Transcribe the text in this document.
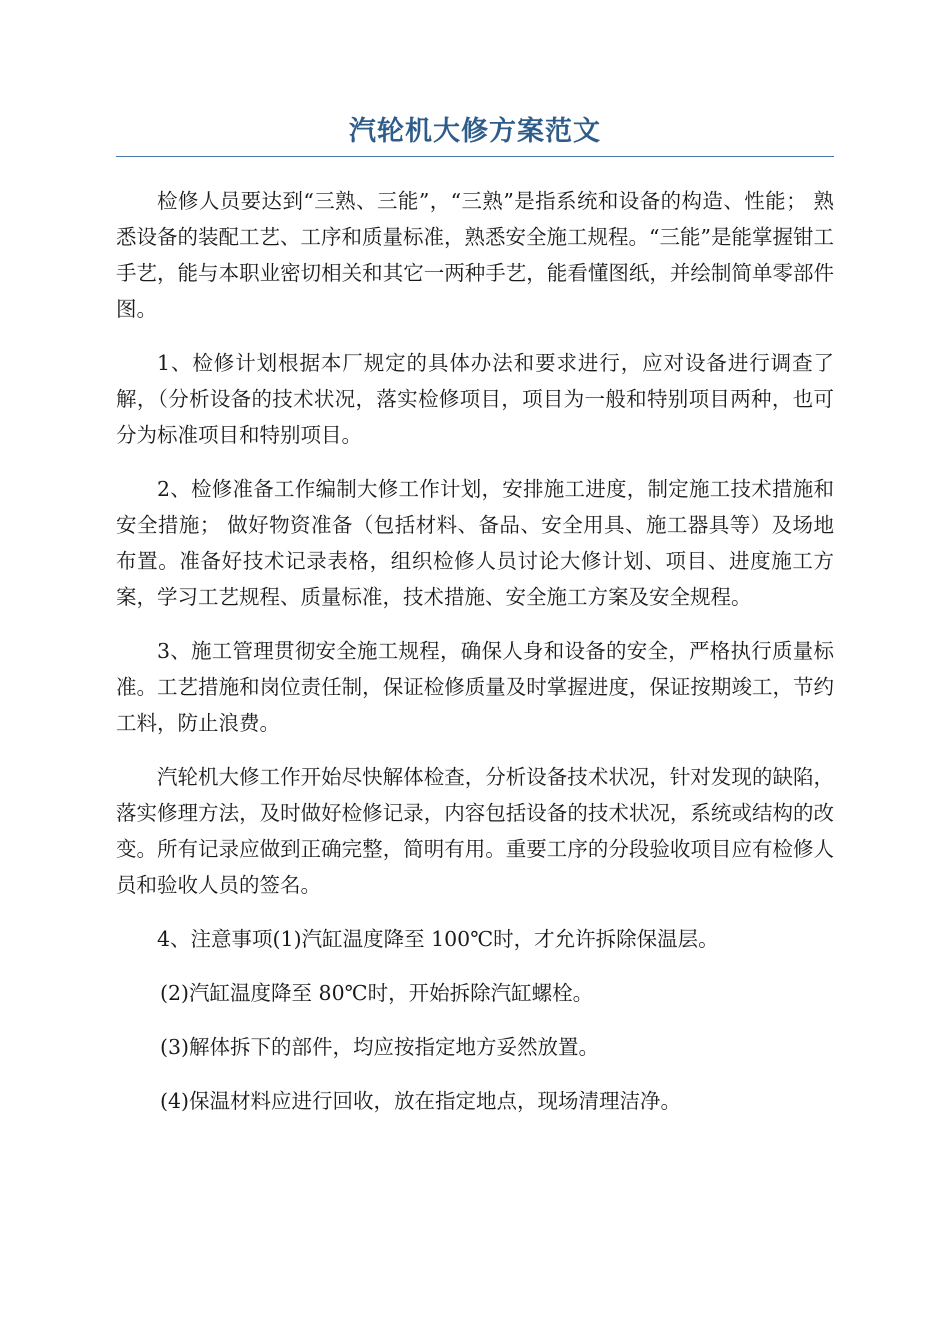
汽轮机大修方案范文

检修人员要达到“三熟、三能”，“三熟”是指系统和设备的构造、性能； 熟悉设备的装配工艺、工序和质量标准，熟悉安全施工规程。“三能”是能掌握钳工手艺，能与本职业密切相关和其它一两种手艺，能看懂图纸，并绘制简单零部件图。

1、检修计划根据本厂规定的具体办法和要求进行，应对设备进行调查了解，（分析设备的技术状况，落实检修项目，项目为一般和特别项目两种，也可分为标准项目和特别项目。

2、检修准备工作编制大修工作计划，安排施工进度，制定施工技术措施和安全措施； 做好物资准备（包括材料、备品、安全用具、施工器具等）及场地布置。准备好技术记录表格，组织检修人员讨论大修计划、项目、进度施工方案，学习工艺规程、质量标准，技术措施、安全施工方案及安全规程。

3、施工管理贯彻安全施工规程，确保人身和设备的安全，严格执行质量标准。工艺措施和岗位责任制，保证检修质量及时掌握进度，保证按期竣工，节约工料，防止浪费。

汽轮机大修工作开始尽快解体检查，分析设备技术状况，针对发现的缺陷，落实修理方法，及时做好检修记录，内容包括设备的技术状况，系统或结构的改变。所有记录应做到正确完整，简明有用。重要工序的分段验收项目应有检修人员和验收人员的签名。

4、注意事项(1)汽缸温度降至 100℃时，才允许拆除保温层。

(2)汽缸温度降至 80℃时，开始拆除汽缸螺栓。

(3)解体拆下的部件，均应按指定地方妥然放置。

(4)保温材料应进行回收，放在指定地点，现场清理洁净。
